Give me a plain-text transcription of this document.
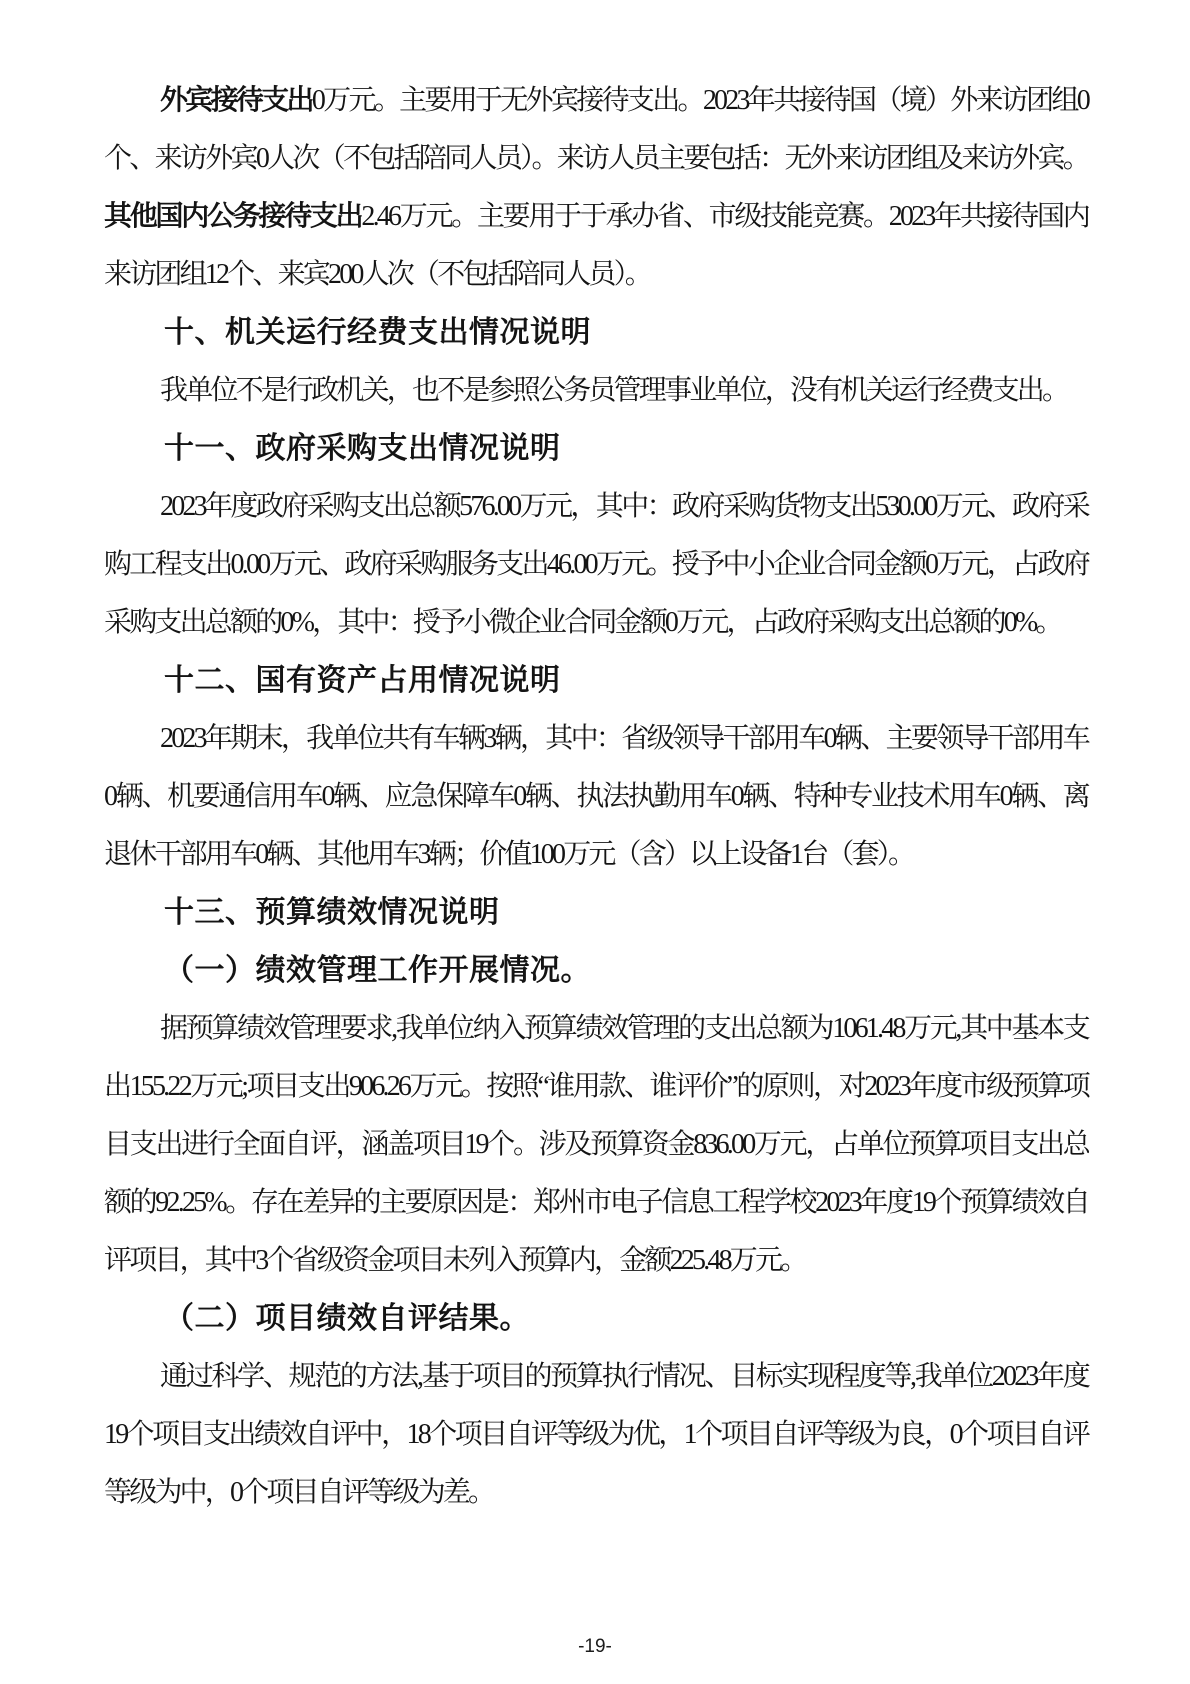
外宾接待支出0万元。主要用于无外宾接待支出。2023年共接待国（境）外来访团组0个、来访外宾0人次（不包括陪同人员）。来访人员主要包括：无外来访团组及来访外宾。其他国内公务接待支出2.46万元。主要用于于承办省、市级技能竞赛。2023年共接待国内来访团组12个、来宾200人次（不包括陪同人员）。

十、机关运行经费支出情况说明

我单位不是行政机关，也不是参照公务员管理事业单位，没有机关运行经费支出。

十一、政府采购支出情况说明

2023年度政府采购支出总额576.00万元，其中：政府采购货物支出530.00万元、政府采购工程支出0.00万元、政府采购服务支出46.00万元。授予中小企业合同金额0万元，占政府采购支出总额的0%，其中：授予小微企业合同金额0万元，占政府采购支出总额的0%。

十二、国有资产占用情况说明

2023年期末，我单位共有车辆3辆，其中：省级领导干部用车0辆、主要领导干部用车0辆、机要通信用车0辆、应急保障车0辆、执法执勤用车0辆、特种专业技术用车0辆、离退休干部用车0辆、其他用车3辆；价值100万元（含）以上设备1台（套）。

十三、预算绩效情况说明
（一）绩效管理工作开展情况。

据预算绩效管理要求,我单位纳入预算绩效管理的支出总额为1061.48万元,其中基本支出155.22万元;项目支出906.26万元。按照“谁用款、谁评价”的原则，对2023年度市级预算项目支出进行全面自评，涵盖项目19个。涉及预算资金836.00万元，占单位预算项目支出总额的92.25%。存在差异的主要原因是：郑州市电子信息工程学校2023年度19个预算绩效自评项目，其中3个省级资金项目未列入预算内，金额225.48万元。

（二）项目绩效自评结果。

通过科学、规范的方法,基于项目的预算执行情况、目标实现程度等,我单位2023年度19个项目支出绩效自评中，18个项目自评等级为优，1个项目自评等级为良，0个项目自评等级为中，0个项目自评等级为差。

-19-
